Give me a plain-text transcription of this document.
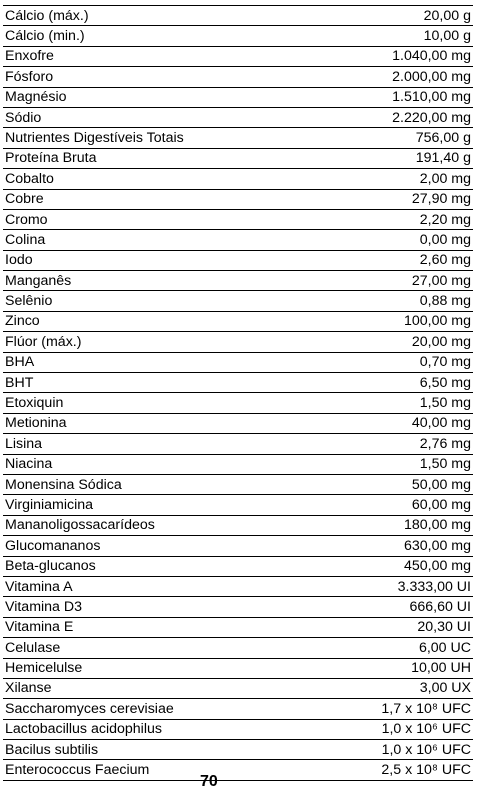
Cálcio (máx.)	20,00 g
Cálcio (min.)	10,00 g
Enxofre	1.040,00 mg
Fósforo	2.000,00 mg
Magnésio	1.510,00 mg
Sódio	2.220,00 mg
Nutrientes Digestíveis Totais	756,00 g
Proteína Bruta	191,40 g
Cobalto	2,00 mg
Cobre	27,90 mg
Cromo	2,20 mg
Colina	0,00 mg
Iodo	2,60 mg
Manganês	27,00 mg
Selênio	0,88 mg
Zinco	100,00 mg
Flúor (máx.)	20,00 mg
BHA	0,70 mg
BHT	6,50 mg
Etoxiquin	1,50 mg
Metionina	40,00 mg
Lisina	2,76 mg
Niacina	1,50 mg
Monensina Sódica	50,00 mg
Virginiamicina	60,00 mg
Mananoligossacarídeos	180,00 mg
Glucomananos	630,00 mg
Beta-glucanos	450,00 mg
Vitamina A	3.333,00 UI
Vitamina D3	666,60 UI
Vitamina E	20,30 UI
Celulase	6,00 UC
Hemicelulse	10,00 UH
Xilanse	3,00 UX
Saccharomyces cerevisiae	1,7 x 10⁸ UFC
Lactobacillus acidophilus	1,0 x 10⁶ UFC
Bacilus subtilis	1,0 x 10⁶ UFC
Enterococcus Faecium	2,5 x 10⁸ UFC
70
